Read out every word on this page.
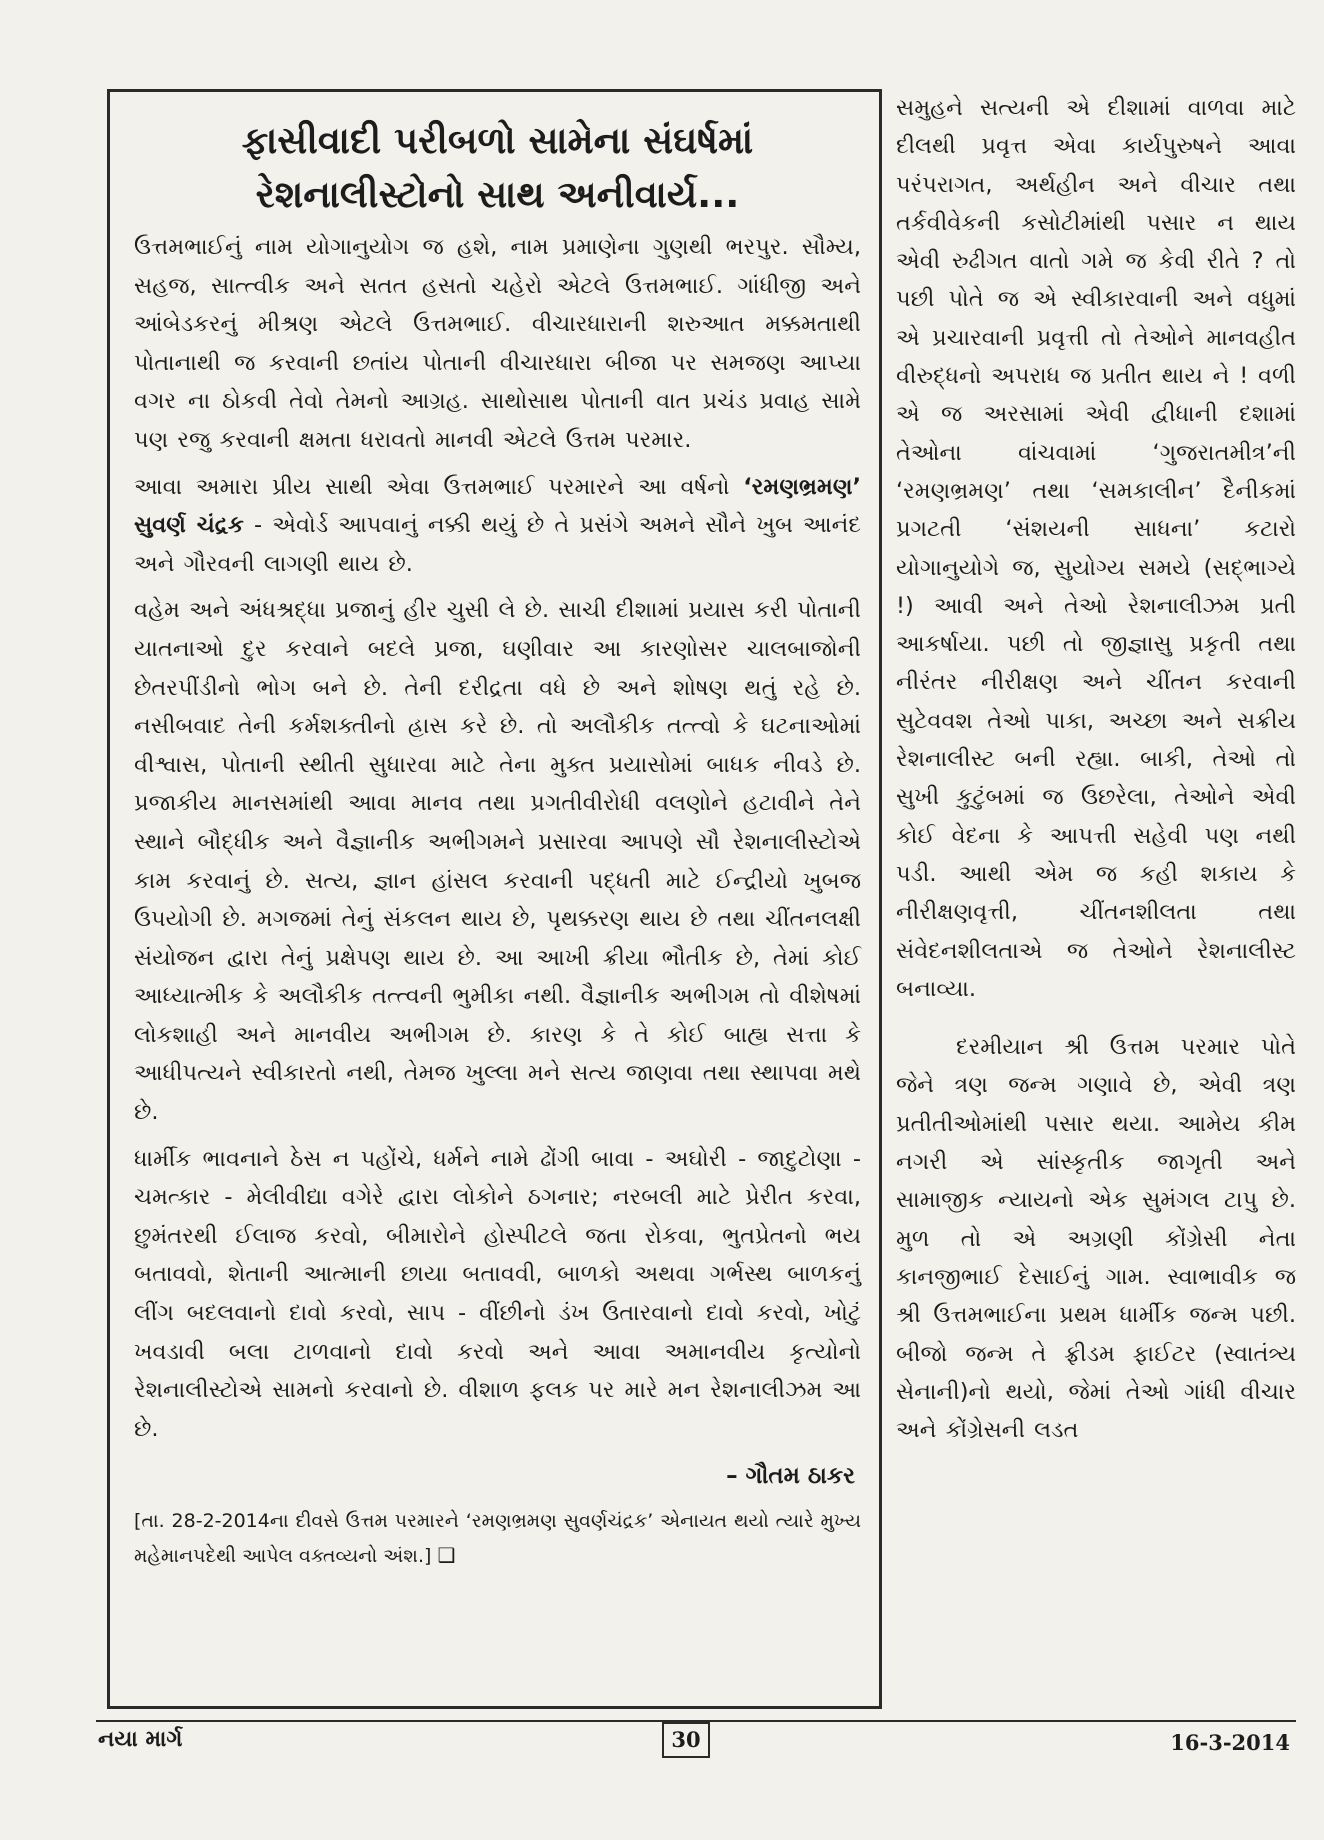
ફાસીવાદી પરીબળો સામેના સંઘર્ષમાં
રેશનાલીસ્ટોનો સાથ અનીવાર્ય...

ઉત્તમભાઈનું નામ યોગાનુયોગ જ હશે, નામ પ્રમાણેના ગુણથી ભરપુર. સૌમ્ય, સહજ, સાત્ત્વીક અને સતત હસતો ચહેરો એટલે ઉત્તમભાઈ. ગાંધીજી અને આંબેડકરનું મીશ્રણ એટલે ઉત્તમભાઈ. વીચારધારાની શરુઆત મક્કમતાથી પોતાનાથી જ કરવાની છતાંય પોતાની વીચારધારા બીજા પર સમજણ આપ્યા વગર ના ઠોકવી તેવો તેમનો આગ્રહ. સાથોસાથ પોતાની વાત પ્રચંડ પ્રવાહ સામે પણ રજુ કરવાની ક્ષમતા ધરાવતો માનવી એટલે ઉત્તમ પરમાર.

આવા અમારા પ્રીય સાથી એવા ઉત્તમભાઈ પરમારને આ વર્ષનો ‘રમણભ્રમણ’ સુવર્ણ ચંદ્રક - એવોર્ડ આપવાનું નક્કી થયું છે તે પ્રસંગે અમને સૌને ખુબ આનંદ અને ગૌરવની લાગણી થાય છે.

વહેમ અને અંધશ્રદ્ધા પ્રજાનું હીર ચુસી લે છે. સાચી દીશામાં પ્રયાસ કરી પોતાની યાતનાઓ દુર કરવાને બદલે પ્રજા, ઘણીવાર આ કારણોસર ચાલબાજોની છેતરપીંડીનો ભોગ બને છે. તેની દરીદ્રતા વધે છે અને શોષણ થતું રહે છે. નસીબવાદ તેની કર્મશક્તીનો હ્રાસ કરે છે. તો અલૌકીક તત્ત્વો કે ઘટનાઓમાં વીશ્વાસ, પોતાની સ્થીતી સુધારવા માટે તેના મુક્ત પ્રયાસોમાં બાધક નીવડે છે. પ્રજાકીય માનસમાંથી આવા માનવ તથા પ્રગતીવીરોધી વલણોને હટાવીને તેને સ્થાને બૌદ્ધીક અને વૈજ્ઞાનીક અભીગમને પ્રસારવા આપણે સૌ રેશનાલીસ્ટોએ કામ કરવાનું છે. સત્ય, જ્ઞાન હાંસલ કરવાની પદ્ધતી માટે ઈન્દ્રીયો ખુબજ ઉપયોગી છે. મગજમાં તેનું સંકલન થાય છે, પૃથક્કરણ થાય છે તથા ચીંતનલક્ષી સંયોજન દ્વારા તેનું પ્રક્ષેપણ થાય છે. આ આખી ક્રીયા ભૌતીક છે, તેમાં કોઈ આધ્યાત્મીક કે અલૌકીક તત્ત્વની ભુમીકા નથી. વૈજ્ઞાનીક અભીગમ તો વીશેષમાં લોકશાહી અને માનવીય અભીગમ છે. કારણ કે તે કોઈ બાહ્ય સત્તા કે આધીપત્યને સ્વીકારતો નથી, તેમજ ખુલ્લા મને સત્ય જાણવા તથા સ્થાપવા મથે છે.

ધાર્મીક ભાવનાને ઠેસ ન પહોંચે, ધર્મને નામે ઢોંગી બાવા - અઘોરી - જાદુટોણા - ચમત્કાર - મેલીવીદ્યા વગેરે દ્વારા લોકોને ઠગનાર; નરબલી માટે પ્રેરીત કરવા, છુમંતરથી ઈલાજ કરવો, બીમારોને હોસ્પીટલે જતા રોકવા, ભુતપ્રેતનો ભય બતાવવો, શેતાની આત્માની છાયા બતાવવી, બાળકો અથવા ગર્ભસ્થ બાળકનું લીંગ બદલવાનો દાવો કરવો, સાપ - વીંછીનો ડંખ ઉતારવાનો દાવો કરવો, ખોટું ખવડાવી બલા ટાળવાનો દાવો કરવો અને આવા અમાનવીય કૃત્યોનો રેશનાલીસ્ટોએ સામનો કરવાનો છે. વીશાળ ફલક પર મારે મન રેશનાલીઝમ આ છે.

– ગૌતમ ઠાકર
[તા. 28-2-2014ના દીવસે ઉત્તમ પરમારને ‘રમણભ્રમણ સુવર્ણચંદ્રક’ એનાયત થયો ત્યારે મુખ્ય મહેમાનપદેથી આપેલ વક્તવ્યનો અંશ.] ❑

સમુહને સત્યની એ દીશામાં વાળવા માટે દીલથી પ્રવૃત્ત એવા કાર્યપુરુષને આવા પરંપરાગત, અર્થહીન અને વીચાર તથા તર્કવીવેકની કસોટીમાંથી પસાર ન થાય એવી રુઢીગત વાતો ગમે જ કેવી રીતે ? તો પછી પોતે જ એ સ્વીકારવાની અને વધુમાં એ પ્રચારવાની પ્રવૃત્તી તો તેઓને માનવહીત વીરુદ્ધનો અપરાધ જ પ્રતીત થાય ને ! વળી એ જ અરસામાં એવી દ્વીધાની દશામાં તેઓના વાંચવામાં ‘ગુજરાતમીત્ર’ની ‘રમણભ્રમણ’ તથા ‘સમકાલીન’ દૈનીકમાં પ્રગટતી ‘સંશયની સાધના’ કટારો યોગાનુયોગે જ, સુયોગ્ય સમયે (સદ્ભાગ્યે !) આવી અને તેઓ રેશનાલીઝમ પ્રતી આકર્ષાયા. પછી તો જીજ્ઞાસુ પ્રકૃતી તથા નીરંતર નીરીક્ષણ અને ચીંતન કરવાની સુટેવવશ તેઓ પાકા, અચ્છા અને સક્રીય રેશનાલીસ્ટ બની રહ્યા. બાકી, તેઓ તો સુખી કુટુંબમાં જ ઉછરેલા, તેઓને એવી કોઈ વેદના કે આપત્તી સહેવી પણ નથી પડી. આથી એમ જ કહી શકાય કે નીરીક્ષણવૃત્તી, ચીંતનશીલતા તથા સંવેદનશીલતાએ જ તેઓને રેશનાલીસ્ટ બનાવ્યા.

દરમીયાન શ્રી ઉત્તમ પરમાર પોતે જેને ત્રણ જન્મ ગણાવે છે, એવી ત્રણ પ્રતીતીઓમાંથી પસાર થયા. આમેય કીમ નગરી એ સાંસ્કૃતીક જાગૃતી અને સામાજીક ન્યાયનો એક સુમંગલ ટાપુ છે. મુળ તો એ અગ્રણી કોંગ્રેસી નેતા કાનજીભાઈ દેસાઈનું ગામ. સ્વાભાવીક જ શ્રી ઉત્તમભાઈના પ્રથમ ધાર્મીક જન્મ પછી. બીજો જન્મ તે ફ્રીડમ ફાઈટર (સ્વાતંત્ર્ય સેનાની)નો થયો, જેમાં તેઓ ગાંધી વીચાર અને કોંગ્રેસની લડત

નયા માર્ગ	30	16-3-2014
